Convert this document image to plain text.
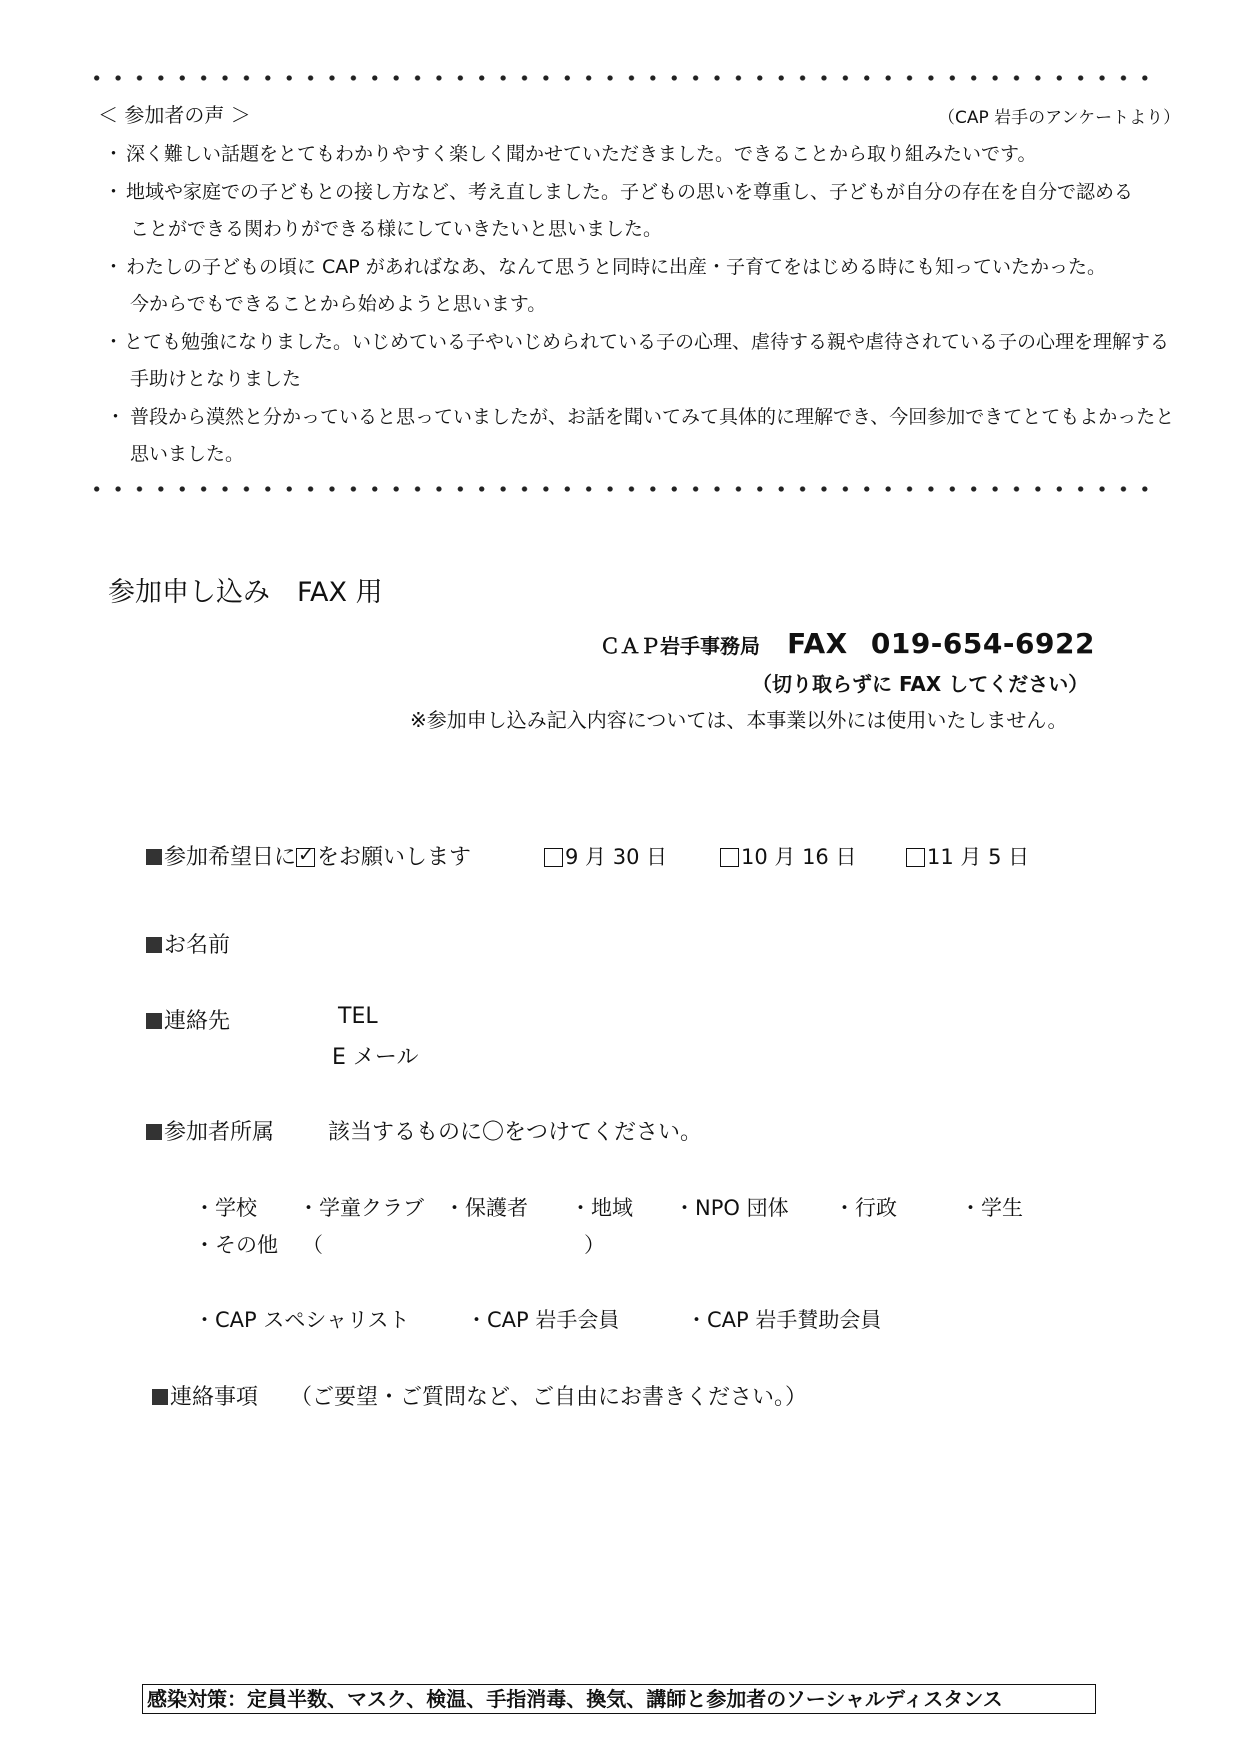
＜ 参加者の声 ＞	（CAP 岩手のアンケートより）
・ 深く難しい話題をとてもわかりやすく楽しく聞かせていただきました。できることから取り組みたいです。
・ 地域や家庭での子どもとの接し方など、考え直しました。子どもの思いを尊重し、子どもが自分の存在を自分で認める
ことができる関わりができる様にしていきたいと思いました。
・ わたしの子どもの頃に CAP があればなあ、なんて思うと同時に出産・子育てをはじめる時にも知っていたかった。
今からでもできることから始めようと思います。
・ とても勉強になりました。いじめている子やいじめられている子の心理、虐待する親や虐待されている子の心理を理解する
手助けとなりました
・ 普段から漠然と分かっていると思っていましたが、お話を聞いてみて具体的に理解でき、今回参加できてとてもよかったと
思いました。
参加申し込み　FAX 用
ＣＡＰ岩手事務局 FAX 019-654-6922
（切り取らずに FAX してください）
※参加申し込み記入内容については、本事業以外には使用いたしません。
参加希望日に✓ をお願いします	9 月 30 日	10 月 16 日	11 月 5 日
お名前
連絡先	TEL
E メール
参加者所属 該当するものに〇をつけてください。
・学校 ・学童クラブ ・保護者 ・地域 ・NPO 団体 ・行政	・学生
・その他 （	）
・CAP スペシャリスト	・CAP 岩手会員	・CAP 岩手賛助会員
連絡事項 （ご要望・ご質問など、ご自由にお書きください。）
感染対策：定員半数、マスク、検温、手指消毒、換気、講師と参加者のソーシャルディスタンス
